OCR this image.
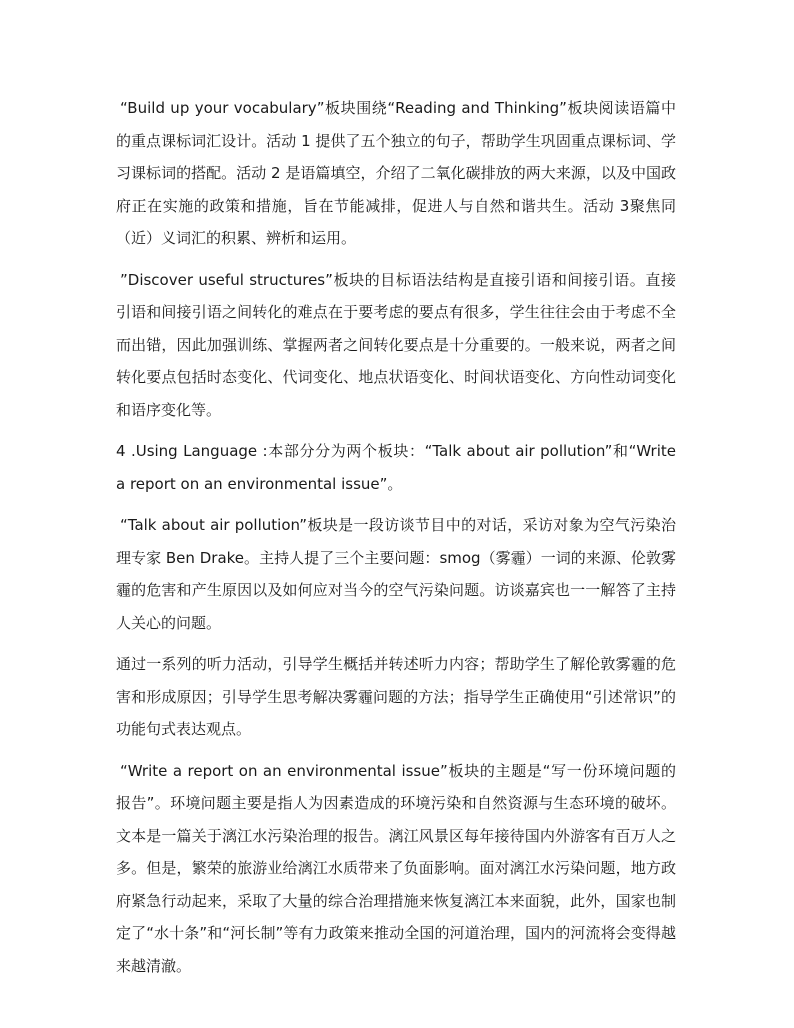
“Build up your vocabulary”板块围绕“Reading and Thinking”板块阅读语篇中的重点课标词汇设计。活动 1 提供了五个独立的句子，帮助学生巩固重点课标词、学习课标词的搭配。活动 2 是语篇填空，介绍了二氧化碳排放的两大来源，以及中国政府正在实施的政策和措施，旨在节能减排，促进人与自然和谐共生。活动 3聚焦同（近）义词汇的积累、辨析和运用。

”Discover useful structures”板块的目标语法结构是直接引语和间接引语。直接引语和间接引语之间转化的难点在于要考虑的要点有很多，学生往往会由于考虑不全而出错，因此加强训练、掌握两者之间转化要点是十分重要的。一般来说，两者之间转化要点包括时态变化、代词变化、地点状语变化、时间状语变化、方向性动词变化和语序变化等。

4 .Using Language :本部分分为两个板块：“Talk about air pollution”和“Write a report on an environmental issue”。

“Talk about air pollution”板块是一段访谈节目中的对话，采访对象为空气污染治理专家 Ben Drake。主持人提了三个主要问题：smog（雾霾）一词的来源、伦敦雾霾的危害和产生原因以及如何应对当今的空气污染问题。访谈嘉宾也一一解答了主持人关心的问题。

通过一系列的听力活动，引导学生概括并转述听力内容；帮助学生了解伦敦雾霾的危害和形成原因；引导学生思考解决雾霾问题的方法；指导学生正确使用“引述常识”的功能句式表达观点。

“Write a report on an environmental issue”板块的主题是“写一份环境问题的报告”。环境问题主要是指人为因素造成的环境污染和自然资源与生态环境的破坏。文本是一篇关于漓江水污染治理的报告。漓江风景区每年接待国内外游客有百万人之多。但是，繁荣的旅游业给漓江水质带来了负面影响。面对漓江水污染问题，地方政府紧急行动起来，采取了大量的综合治理措施来恢复漓江本来面貌，此外，国家也制定了“水十条”和“河长制”等有力政策来推动全国的河道治理，国内的河流将会变得越来越清澈。
